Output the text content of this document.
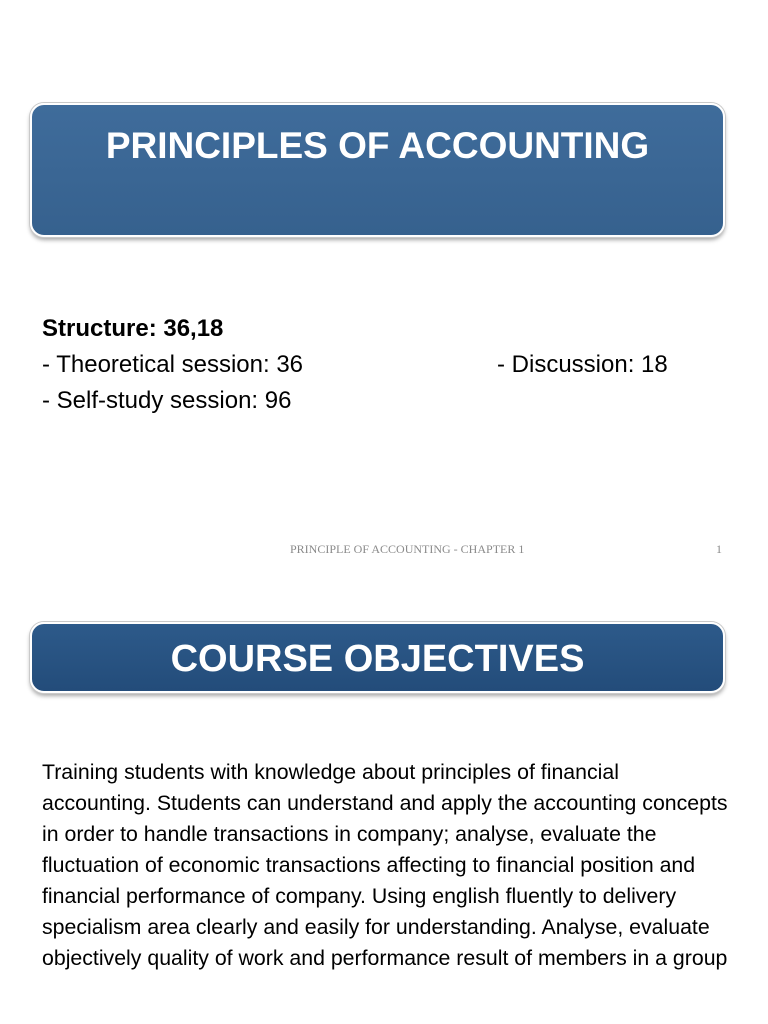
PRINCIPLES OF ACCOUNTING
Structure: 36,18
- Theoretical session: 36	- Discussion: 18
- Self-study session: 96
PRINCIPLE OF ACCOUNTING - CHAPTER 1	1
COURSE OBJECTIVES

Training students with knowledge about principles of financial accounting. Students can understand and apply the accounting concepts in order to handle transactions in company; analyse, evaluate the fluctuation of economic transactions affecting to financial position and financial performance of company. Using english fluently to delivery specialism area clearly and easily for understanding. Analyse, evaluate objectively quality of work and performance result of members in a group
